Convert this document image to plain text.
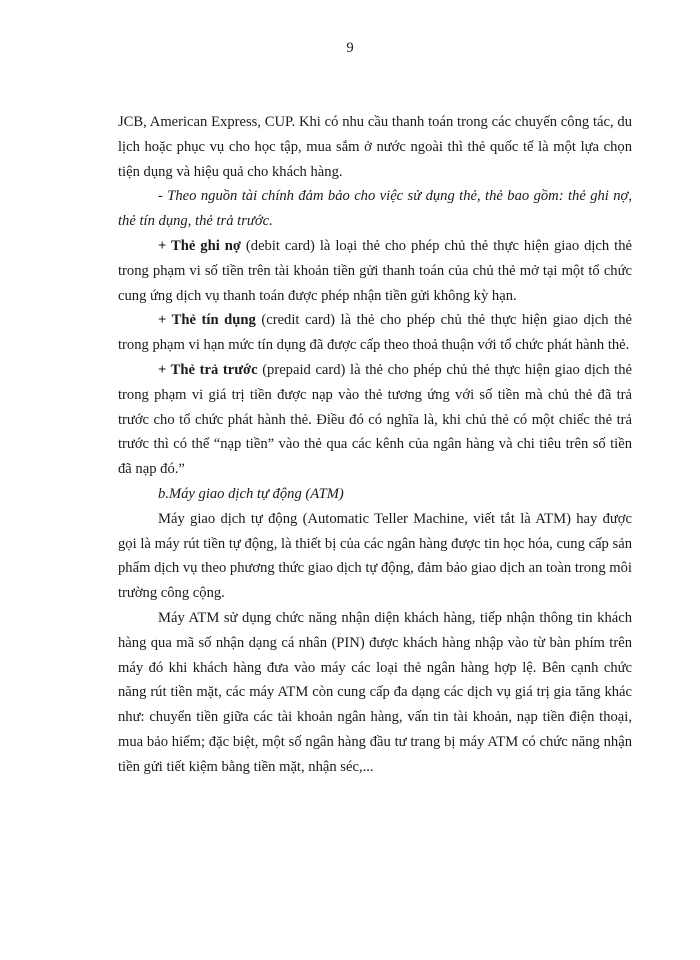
9

JCB, American Express, CUP. Khi có nhu cầu thanh toán trong các chuyến công tác, du lịch hoặc phục vụ cho học tập, mua sắm ở nước ngoài thì thẻ quốc tế là một lựa chọn tiện dụng và hiệu quả cho khách hàng.

- Theo nguồn tài chính đảm bảo cho việc sử dụng thẻ, thẻ bao gồm: thẻ ghi nợ, thẻ tín dụng, thẻ trả trước.

+ Thẻ ghi nợ (debit card) là loại thẻ cho phép chủ thẻ thực hiện giao dịch thẻ trong phạm vi số tiền trên tài khoản tiền gửi thanh toán của chủ thẻ mở tại một tổ chức cung ứng dịch vụ thanh toán được phép nhận tiền gửi không kỳ hạn.

+ Thẻ tín dụng (credit card) là thẻ cho phép chủ thẻ thực hiện giao dịch thẻ trong phạm vi hạn mức tín dụng đã được cấp theo thoả thuận với tổ chức phát hành thẻ.

+ Thẻ trả trước (prepaid card) là thẻ cho phép chủ thẻ thực hiện giao dịch thẻ trong phạm vi giá trị tiền được nạp vào thẻ tương ứng với số tiền mà chủ thẻ đã trả trước cho tổ chức phát hành thẻ. Điều đó có nghĩa là, khi chủ thẻ có một chiếc thẻ trả trước thì có thể “nạp tiền” vào thẻ qua các kênh của ngân hàng và chi tiêu trên số tiền đã nạp đó.”

b.Máy giao dịch tự động (ATM)

Máy giao dịch tự động (Automatic Teller Machine, viết tắt là ATM) hay được gọi là máy rút tiền tự động, là thiết bị của các ngân hàng được tin học hóa, cung cấp sản phẩm dịch vụ theo phương thức giao dịch tự động, đảm bảo giao dịch an toàn trong môi trường công cộng.

Máy ATM sử dụng chức năng nhận diện khách hàng, tiếp nhận thông tin khách hàng qua mã số nhận dạng cá nhân (PIN) được khách hàng nhập vào từ bàn phím trên máy đó khi khách hàng đưa vào máy các loại thẻ ngân hàng hợp lệ. Bên cạnh chức năng rút tiền mặt, các máy ATM còn cung cấp đa dạng các dịch vụ giá trị gia tăng khác như: chuyển tiền giữa các tài khoản ngân hàng, vấn tin tài khoản, nạp tiền điện thoại, mua bảo hiểm; đặc biệt, một số ngân hàng đầu tư trang bị máy ATM có chức năng nhận tiền gửi tiết kiệm bằng tiền mặt, nhận séc,...
